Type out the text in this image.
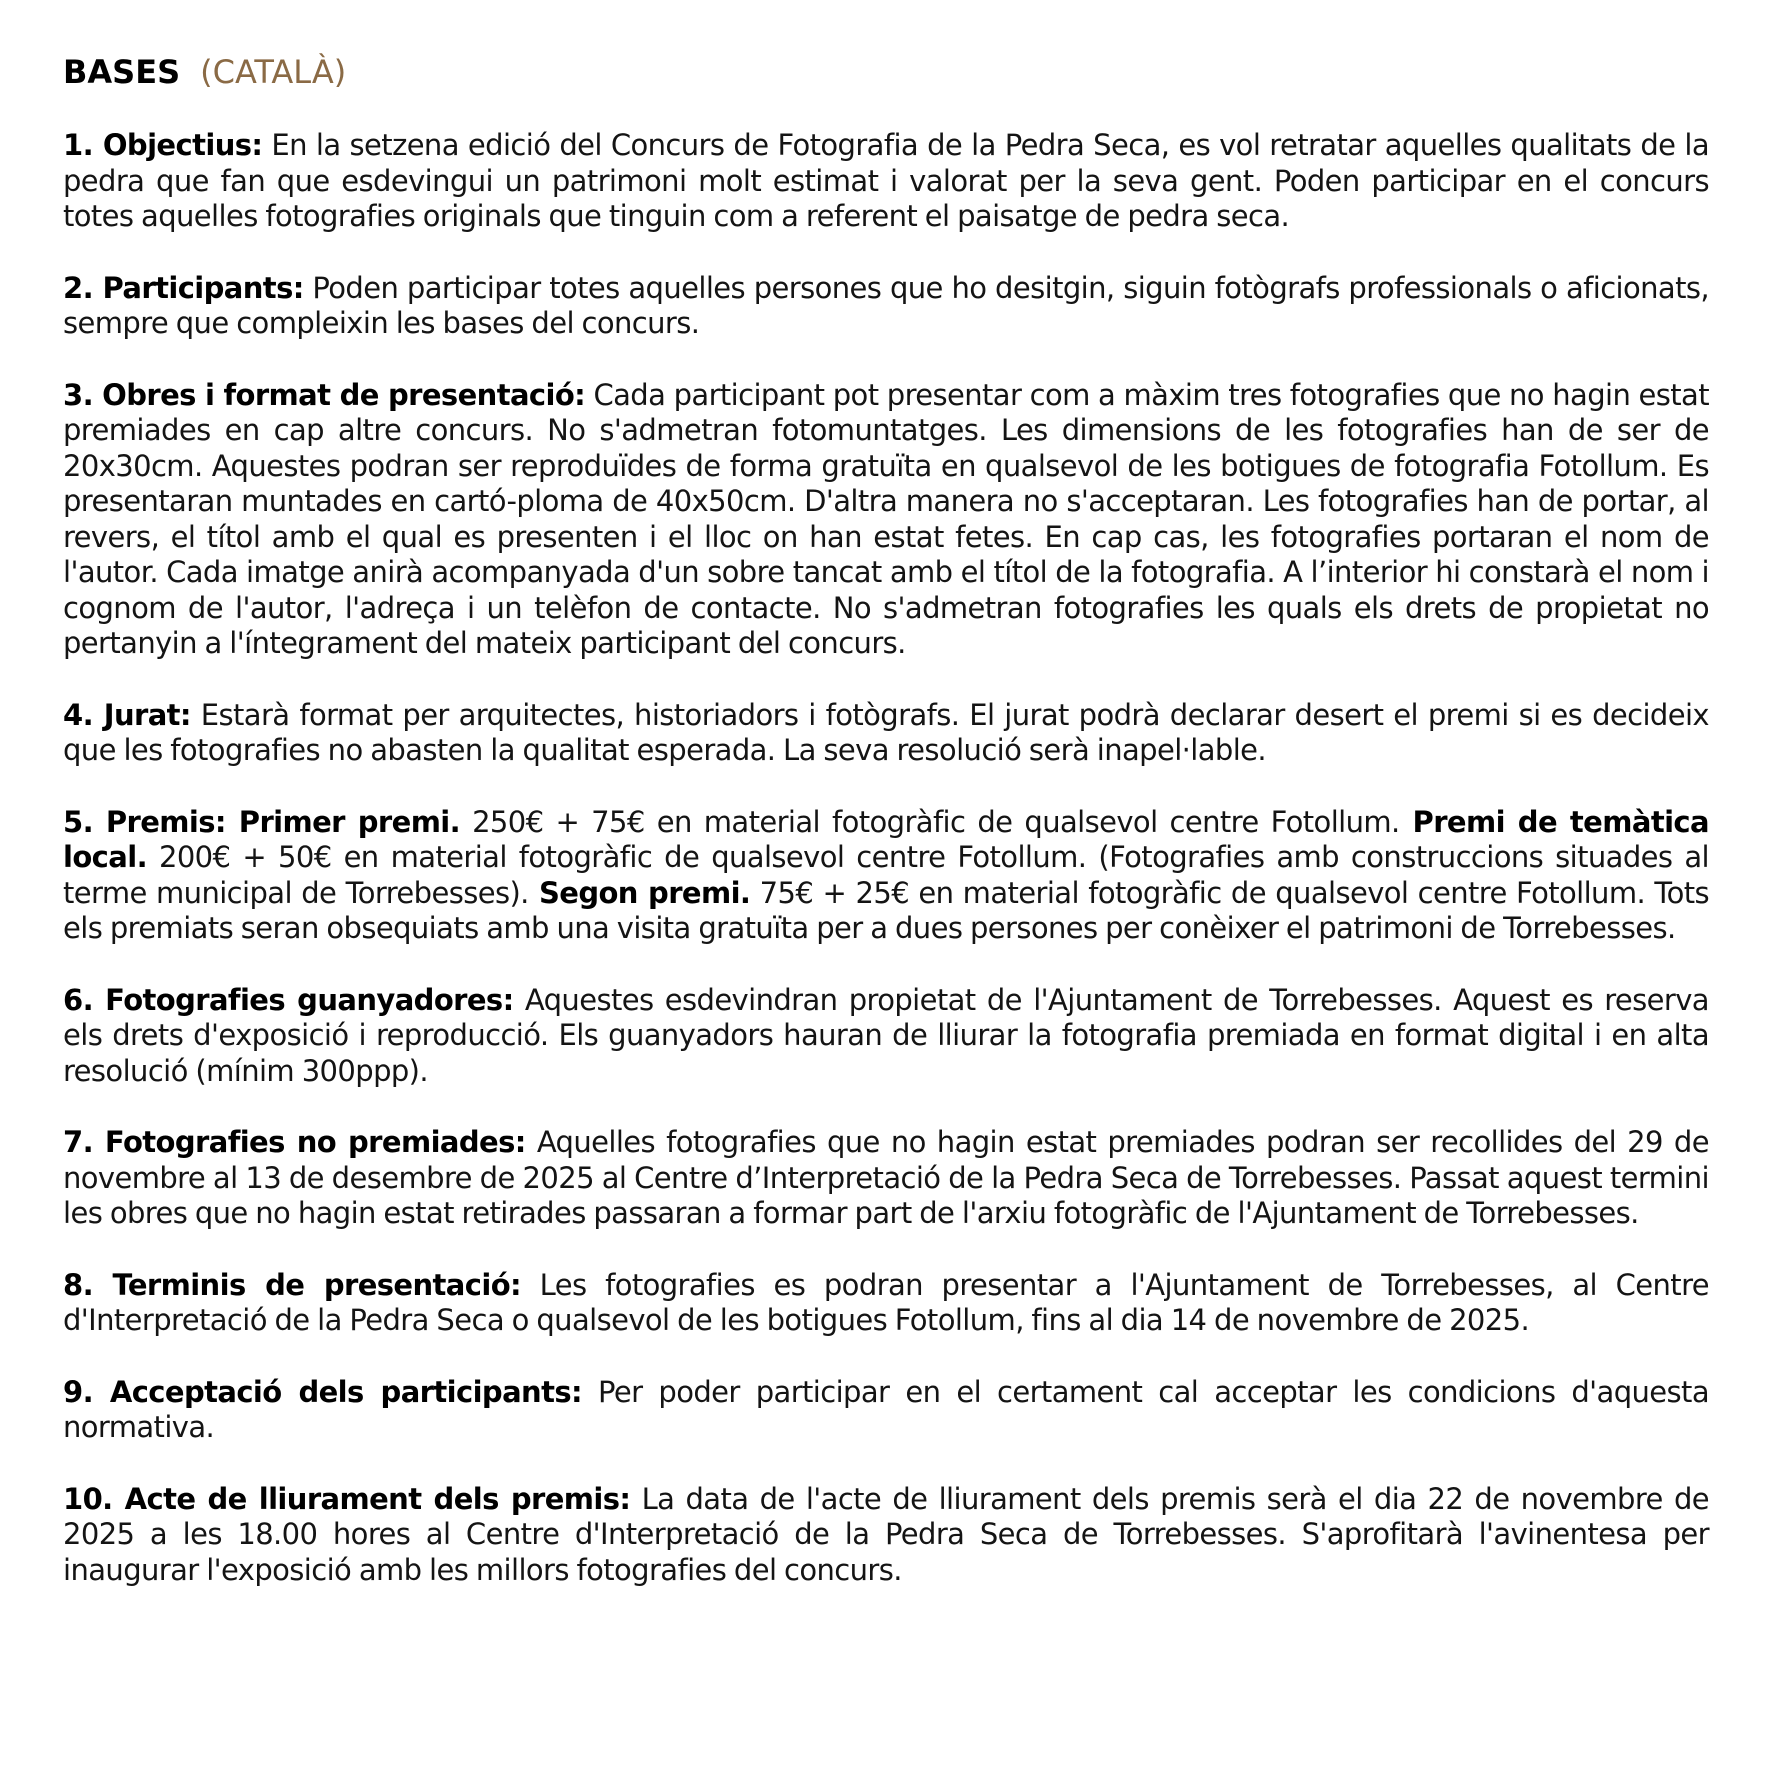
BASES (CATALÀ)

1. Objectius: En la setzena edició del Concurs de Fotografia de la Pedra Seca, es vol retratar aquelles qualitats de la pedra que fan que esdevingui un patrimoni molt estimat i valorat per la seva gent. Poden participar en el concurs totes aquelles fotografies originals que tinguin com a referent el paisatge de pedra seca.

2. Participants: Poden participar totes aquelles persones que ho desitgin, siguin fotògrafs professionals o aficionats, sempre que compleixin les bases del concurs.

3. Obres i format de presentació: Cada participant pot presentar com a màxim tres fotografies que no hagin estat premiades en cap altre concurs. No s'admetran fotomuntatges. Les dimensions de les fotografies han de ser de 20x30cm. Aquestes podran ser reproduïdes de forma gratuïta en qualsevol de les botigues de fotografia Fotollum. Es presentaran muntades en cartó-ploma de 40x50cm. D'altra manera no s'acceptaran. Les fotografies han de portar, al revers, el títol amb el qual es presenten i el lloc on han estat fetes. En cap cas, les fotografies portaran el nom de l'autor. Cada imatge anirà acompanyada d'un sobre tancat amb el títol de la fotografia. A l’interior hi constarà el nom i cognom de l'autor, l'adreça i un telèfon de contacte. No s'admetran fotografies les quals els drets de propietat no pertanyin a l'íntegrament del mateix participant del concurs.

4. Jurat: Estarà format per arquitectes, historiadors i fotògrafs. El jurat podrà declarar desert el premi si es decideix que les fotografies no abasten la qualitat esperada. La seva resolució serà inapel·lable.

5. Premis: Primer premi. 250€ + 75€ en material fotogràfic de qualsevol centre Fotollum. Premi de temàtica local. 200€ + 50€ en material fotogràfic de qualsevol centre Fotollum. (Fotografies amb construccions situades al terme municipal de Torrebesses). Segon premi. 75€ + 25€ en material fotogràfic de qualsevol centre Fotollum. Tots els premiats seran obsequiats amb una visita gratuïta per a dues persones per conèixer el patrimoni de Torrebesses.

6. Fotografies guanyadores: Aquestes esdevindran propietat de l'Ajuntament de Torrebesses. Aquest es reserva els drets d'exposició i reproducció. Els guanyadors hauran de lliurar la fotografia premiada en format digital i en alta resolució (mínim 300ppp).

7. Fotografies no premiades: Aquelles fotografies que no hagin estat premiades podran ser recollides del 29 de novembre al 13 de desembre de 2025 al Centre d’Interpretació de la Pedra Seca de Torrebesses. Passat aquest termini les obres que no hagin estat retirades passaran a formar part de l'arxiu fotogràfic de l'Ajuntament de Torrebesses.

8. Terminis de presentació: Les fotografies es podran presentar a l'Ajuntament de Torrebesses, al Centre d'Interpretació de la Pedra Seca o qualsevol de les botigues Fotollum, fins al dia 14 de novembre de 2025.

9. Acceptació dels participants: Per poder participar en el certament cal acceptar les condicions d'aquesta normativa.

10. Acte de lliurament dels premis: La data de l'acte de lliurament dels premis serà el dia 22 de novembre de 2025 a les 18.00 hores al Centre d'Interpretació de la Pedra Seca de Torrebesses. S'aprofitarà l'avinentesa per inaugurar l'exposició amb les millors fotografies del concurs.
